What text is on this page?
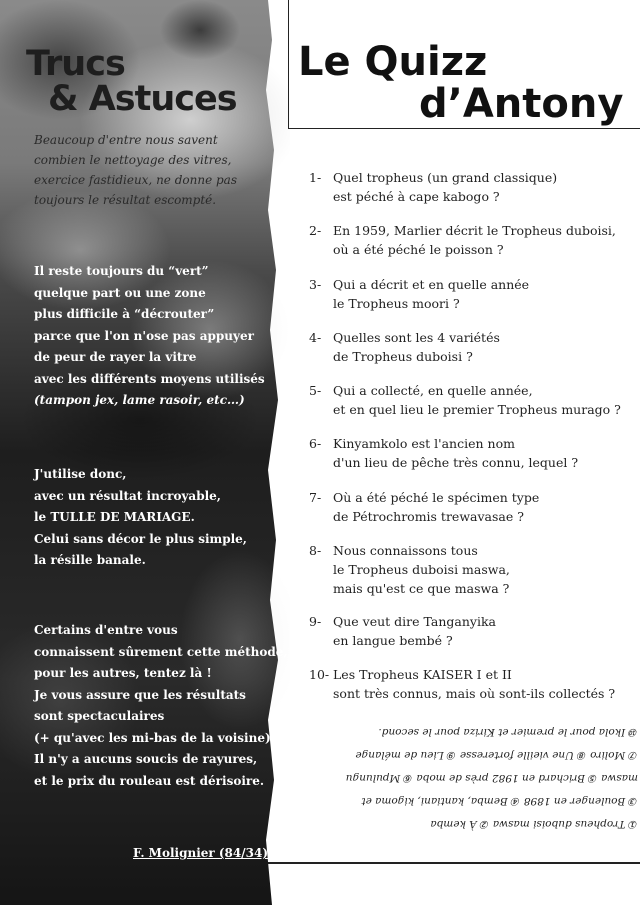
Trucs
& Astuces
Beaucoup d'entre nous savent
combien le nettoyage des vitres,
exercice fastidieux, ne donne pas
toujours le résultat escompté.
Il reste toujours du “vert”
quelque part ou une zone
plus difficile à “décrouter”
parce que l'on n'ose pas appuyer
de peur de rayer la vitre
avec les différents moyens utilisés
(tampon jex, lame rasoir, etc…)
J'utilise donc,
avec un résultat incroyable,
le TULLE DE MARIAGE.
Celui sans décor le plus simple,
la résille banale.
Certains d'entre vous
connaissent sûrement cette méthode,
pour les autres, tentez là !
Je vous assure que les résultats
sont spectaculaires
(+ qu'avec les mi-bas de la voisine).
Il n'y a aucuns soucis de rayures,
et le prix du rouleau est dérisoire.
F. Molignier (84/34)
Le Quizz
d’Antony
1- Quel tropheus (un grand classique)
est péché à cape kabogo ?
2- En 1959, Marlier décrit le Tropheus duboisi,
où a été péché le poisson ?
3- Qui a décrit et en quelle année
le Tropheus moori ?
4- Quelles sont les 4 variétés
de Tropheus duboisi ?
5- Qui a collecté, en quelle année,
et en quel lieu le premier Tropheus murago ?
6- Kinyamkolo est l'ancien nom
d'un lieu de pêche très connu, lequel ?
7- Où a été péché le spécimen type
de Pétrochromis trewavasae ?
8- Nous connaissons tous
le Tropheus duboisi maswa,
mais qu'est ce que maswa ?
9- Que veut dire Tanganyika
en langue bembé ?
10- Les Tropheus KAISER I et II
sont très connus, mais où sont-ils collectés ?
① Tropheus duboisi maswa ② À kemba
③ Boulenger en 1898 ④ Bemba, kantiani, kigoma et
maswa ⑤ Brichard en 1982 près de moba ⑥ Mpulungu
⑦ Moliro ⑧ Une vieille forteresse ⑨ Lieu de mélange
⑩ Ikola pour le premier et Kiriza pour le second.
